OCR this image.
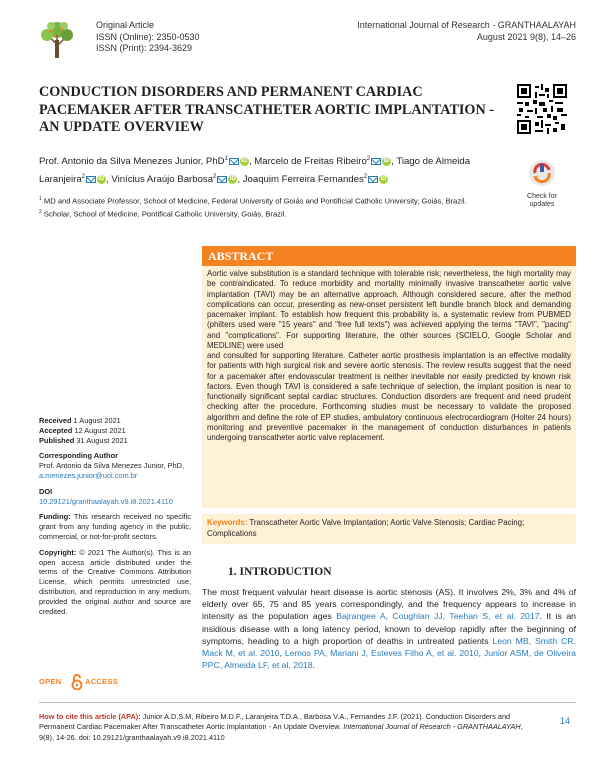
Original Article
ISSN (Online): 2350-0530
ISSN (Print): 2394-3629
International Journal of Research - GRANTHAALAYAH
August 2021 9(8), 14–26
CONDUCTION DISORDERS AND PERMANENT CARDIAC PACEMAKER AFTER TRANSCATHETER AORTIC IMPLANTATION - AN UPDATE OVERVIEW
Prof. Antonio da Silva Menezes Junior, PhD$^1$ iD , Marcelo de Freitas Ribeiro$^2$ iD , Tiago de Almeida Laranjeira$^2$ iD , Vinícius Araújo Barbosa$^2$ iD , Joaquim Ferreira Fernandes$^2$ iD
Check for
updates
$^1$ MD and Associate Professor, School of Medicine, Federal University of Goiás and Pontificial Catholic University, Goiás, Brazil.
$^2$ Scholar, School of Medicine, Pontifical Catholic University, Goiás, Brazil.
ABSTRACT
Aortic valve substitution is a standard technique with tolerable risk; nevertheless, the high mortality may be contraindicated. To reduce morbidity and mortality minimally invasive transcatheter aortic valve implantation (TAVI) may be an alternative approach. Although considered secure, after the method complications can occur, presenting as new-onset persistent left bundle branch block and demanding pacemaker implant. To establish how frequent this probability is, a systematic review from PUBMED (philters used were "15 years" and "free full texts") was achieved applying the terms "TAVI", "pacing" and "complications". For supporting literature, the other sources (SCIELO, Google Scholar and MEDLINE) were used
and consulted for supporting literature. Catheter aortic prosthesis implantation is an effective modality for patients with high surgical risk and severe aortic stenosis. The review results suggest that the need for a pacemaker after endovascular treatment is neither inevitable nor easily predicted by known risk factors. Even though TAVI is considered a safe technique of selection, the implant position is near to functionally significant septal cardiac structures. Conduction disorders are frequent and need prudent checking after the procedure. Forthcoming studies must be necessary to validate the proposed algorithm and define the role of EP studies, ambulatory continuous electrocardiogram (Holter 24 hours) monitoring and preventive pacemaker in the management of conduction disturbances in patients undergoing transcatheter aortic valve replacement.
Keywords: Transcatheter Aortic Valve Implantation; Aortic Valve Stenosis; Cardiac Pacing; Complications
Received 1 August 2021
Accepted 12 August 2021
Published 31 August 2021
Corresponding Author
Prof. Antonio da Silva Menezes Junior, PhD, a.menezes.junior@uol.com.br
DOI
10.29121/granthaalayah.v9.i8.2021.4110
Funding: This research received no specific grant from any funding agency in the public, commercial, or not-for-profit sectors.
Copyright: © 2021 The Author(s). This is an open access article distributed under the terms of the Creative Commons Attribution License, which permits unrestricted use, distribution, and reproduction in any medium, provided the original author and source are credited.
1. INTRODUCTION
The most frequent valvular heart disease is aortic stenosis (AS). It involves 2%, 3% and 4% of elderly over 65, 75 and 85 years correspondingly, and the frequency appears to increase in intensity as the population ages Bajrangee A, Coughlan JJ, Teehan S, et al. 2017. It is an insidious disease with a long latency period, known to develop rapidly after the beginning of symptoms, heading to a high proportion of deaths in untreated patients Leon MB, Smith CR, Mack M, et al. 2010, Lemos PA, Mariani J, Esteves Filho A, et al. 2010, Junior ASM, de Oliveira PPC, Almeida LF, et al. 2018.
OPEN	ACCESS
How to cite this article (APA): Junior A.D.S.M, Ribeiro M.D.F., Laranjeira T.D.A., Barbosa V.A., Fernandes J.F. (2021). Conduction Disorders and Permanent Cardiac Pacemaker After Transcatheter Aortic Implantation - An Update Overview. International Journal of Research - GRANTHAALAYAH, 9(8), 14-26. doi: 10.29121/granthaalayah.v9.i8.2021.4110
14
